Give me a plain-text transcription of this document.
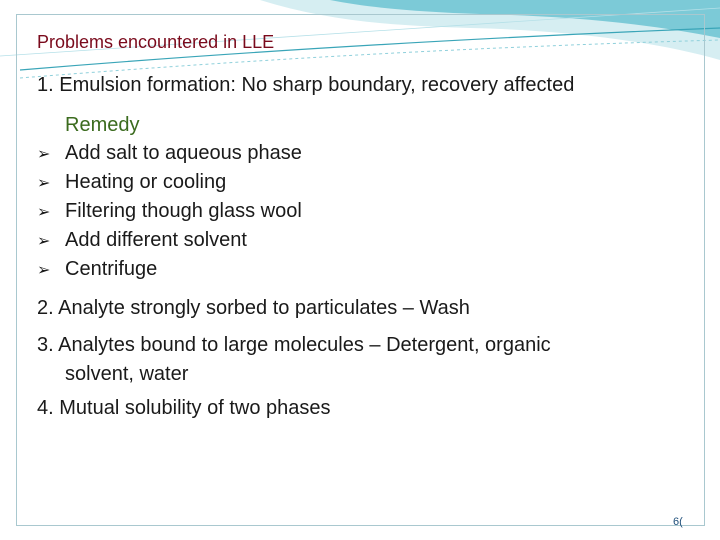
Problems encountered in LLE
1. Emulsion formation: No sharp boundary, recovery affected
Remedy
➢ Add salt to aqueous phase
➢ Heating or cooling
➢ Filtering though glass wool
➢ Add different solvent
➢ Centrifuge
2. Analyte strongly sorbed to particulates – Wash
3. Analytes bound to large molecules – Detergent, organic
solvent, water
4. Mutual solubility of two phases
6(
